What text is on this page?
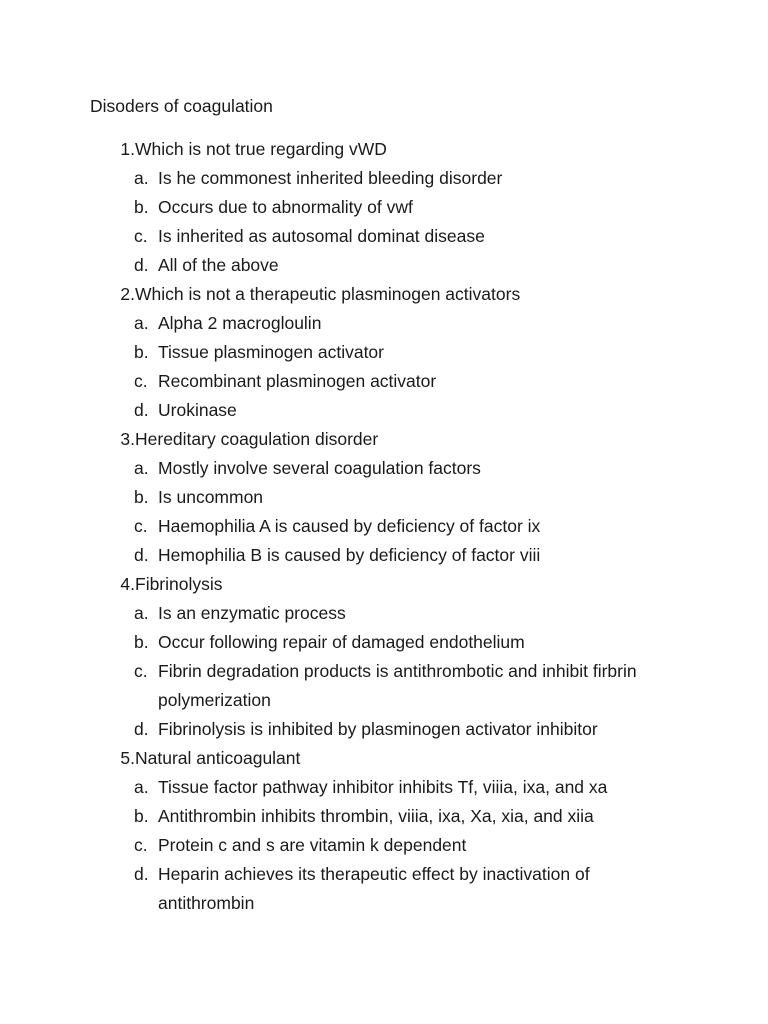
Disoders of coagulation
1. Which is not true regarding vWD
a. Is he commonest inherited bleeding disorder
b. Occurs due to abnormality of vwf
c. Is inherited as autosomal dominat disease
d. All of the above
2. Which is not a therapeutic plasminogen activators
a. Alpha 2 macrogloulin
b. Tissue plasminogen activator
c. Recombinant plasminogen activator
d. Urokinase
3. Hereditary coagulation disorder
a. Mostly involve several coagulation factors
b. Is uncommon
c. Haemophilia A is caused by deficiency of factor ix
d. Hemophilia B is caused by deficiency of factor viii
4. Fibrinolysis
a. Is an enzymatic process
b. Occur following repair of damaged endothelium
c. Fibrin degradation products is antithrombotic and inhibit firbrin polymerization
d. Fibrinolysis is inhibited by plasminogen activator inhibitor
5. Natural anticoagulant
a. Tissue factor pathway inhibitor inhibits Tf, viiia, ixa, and xa
b. Antithrombin inhibits thrombin, viiia, ixa, Xa, xia, and xiia
c. Protein c and s are vitamin k dependent
d. Heparin achieves its therapeutic effect by inactivation of antithrombin
